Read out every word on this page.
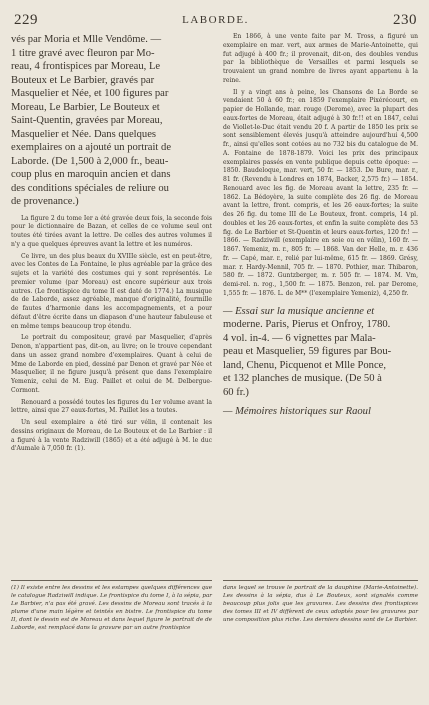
229	LABORDE.	230
vés par Moria et Mlle Vendôme. —
1 titre gravé avec fleuron par Mo-
reau, 4 frontispices par Moreau, Le
Bouteux et Le Barbier, gravés par
Masquelier et Née, et 100 figures par
Moreau, Le Barbier, Le Bouteux et
Saint-Quentin, gravées par Moreau,
Masquelier et Née. Dans quelques
exemplaires on a ajouté un portrait de
Laborde. (De 1,500 à 2,000 fr., beau-
coup plus en maroquin ancien et dans
des conditions spéciales de reliure ou
de provenance.)

La figure 2 du tome Ier a été gravée deux fois, la seconde fois pour le dictionnaire de Bazan, et celles de ce volume seul ont toutes été tirées avant la lettre. De celles des autres volumes il n'y a que quelques épreuves avant la lettre et les numéros.

Ce livre, un des plus beaux du XVIIIe siècle, est en peut-être, avec les Contes de La Fontaine, le plus agréable par la grâce des sujets et la variété des costumes qui y sont représentés. Le premier volume (par Moreau) est encore supérieur aux trois autres. (Le frontispice du tome II est daté de 1774.) La musique de de Laborde, assez agréable, manque d'originalité, fourmille de fautes d'harmonie dans les accompagnements, et a pour défaut d'être écrite dans un diapason d'une hauteur fabuleuse et en même temps beaucoup trop étendu.

Le portrait du compositeur, gravé par Masquelier, d'après Denon, n'appartient pas, dit-on, au livre; on le trouve cependant dans un assez grand nombre d'exemplaires. Quant à celui de Mme de Laborde en pied, dessiné par Denon et gravé par Née et Masquelier, il ne figure jusqu'à présent que dans l'exemplaire Yemeniz, celui de M. Eug. Paillet et celui de M. Delbergue-Cormont.

Renouard a possédé toutes les figures du 1er volume avant la lettre, ainsi que 27 eaux-fortes, M. Paillet les a toutes.

Un seul exemplaire a été tiré sur vélin, il contenait les dessins originaux de Moreau, de Le Bouteux et de Le Barbier : il a figuré à la vente Radziwill (1865) et a été adjugé à M. le duc d'Aumale à 7,050 fr. (1).

En 1866, à une vente faite par M. Tross, a figuré un exemplaire en mar. vert, aux armes de Marie-Antoinette, qui fut adjugé à 400 fr.; il provenait, dit-on, des doubles vendus par la bibliothèque de Versailles et parmi lesquels se trouvaient un grand nombre de livres ayant appartenu à la reine.

Il y a vingt ans à peine, les Chansons de La Borde se vendaient 50 à 60 fr.; en 1859 l'exemplaire Pixérécourt, en papier de Hollande, mar. rouge (Derome), avec la plupart des eaux-fortes de Moreau, était adjugé à 30 fr.!! et en 1847, celui de Viollet-le-Duc était vendu 20 f. A partir de 1850 les prix se sont sensiblement élevés jusqu'à atteindre aujourd'hui 4,500 fr., ainsi qu'elles sont cotées au no 732 bis du catalogue de M. A. Fontaine de 1878-1879. Voici les prix des principaux exemplaires passés en vente publique depuis cette époque: — 1850. Baudeloque, mar. vert, 50 fr. — 1853. De Bure, mar. r., 81 fr. (Revendu à Londres en 1874, Backer, 2,575 fr.) — 1854. Renouard avec les fig. de Moreau avant la lettre, 235 fr. — 1862. La Bédoyère, la suite complète des 26 fig. de Moreau avant la lettre, front. compris, et les 26 eaux-fortes; la suite des 26 fig. du tome III de Le Bouteux, front. compris, 14 pl. doubles et les 26 eaux-fortes, et enfin la suite complète des 53 fig. de Le Barbier et St-Quentin et leurs eaux-fortes, 120 fr.! — 1866. — Radziwill (exemplaire en soie ou en vélin), 160 fr. — 1867. Yemeniz, m. r., 805 fr. — 1868. Van der Helle, m. r. 436 fr. — Capé, mar. r., relié par lui-même, 615 fr. — 1869. Grésy, mar. r. Hardy-Mennil, 705 fr. — 1870. Pothier, mar. Thibaron, 580 fr. — 1872. Guntzberger, m. r. 505 fr. — 1874. M. Vm, demi-rel. n. rog., 1,500 fr. — 1875. Benzon, rel. par Derome, 1,555 fr. — 1876. L. de M** (l'exemplaire Yemeniz), 4,250 fr.

— Essai sur la musique ancienne et
moderne. Paris, Pierus et Onfroy, 1780.
4 vol. in-4. — 6 vignettes par Mala-
peau et Masquelier, 59 figures par Bou-
land, Chenu, Picquenot et Mlle Ponce,
et 132 planches de musique. (De 50 à
60 fr.)
— Mémoires historiques sur Raoul
(1) Il existe entre les dessins et les estampes quelques différences que le catalogue Radziwill indique. Le frontispice du tome I, à la sépia, par Le Barbier, n'a pas été gravé. Les dessins de Moreau sont tracés à la plume d'une main légère et teintés en bistre. Le frontispice du tome II, dont le dessin est de Moreau et dans lequel figure le portrait de de Laborde, est remplacé dans la gravure par un autre frontispice
dans lequel se trouve le portrait de la dauphine (Marie-Antoinette). Les dessins à la sépia, dus à Le Bouteux, sont signalés comme beaucoup plus jolis que les gravures. Les dessins des frontispices des tomes III et IV diffèrent de ceux adoptés pour les gravures par une composition plus riche. Les derniers dessins sont de Le Barbier.
